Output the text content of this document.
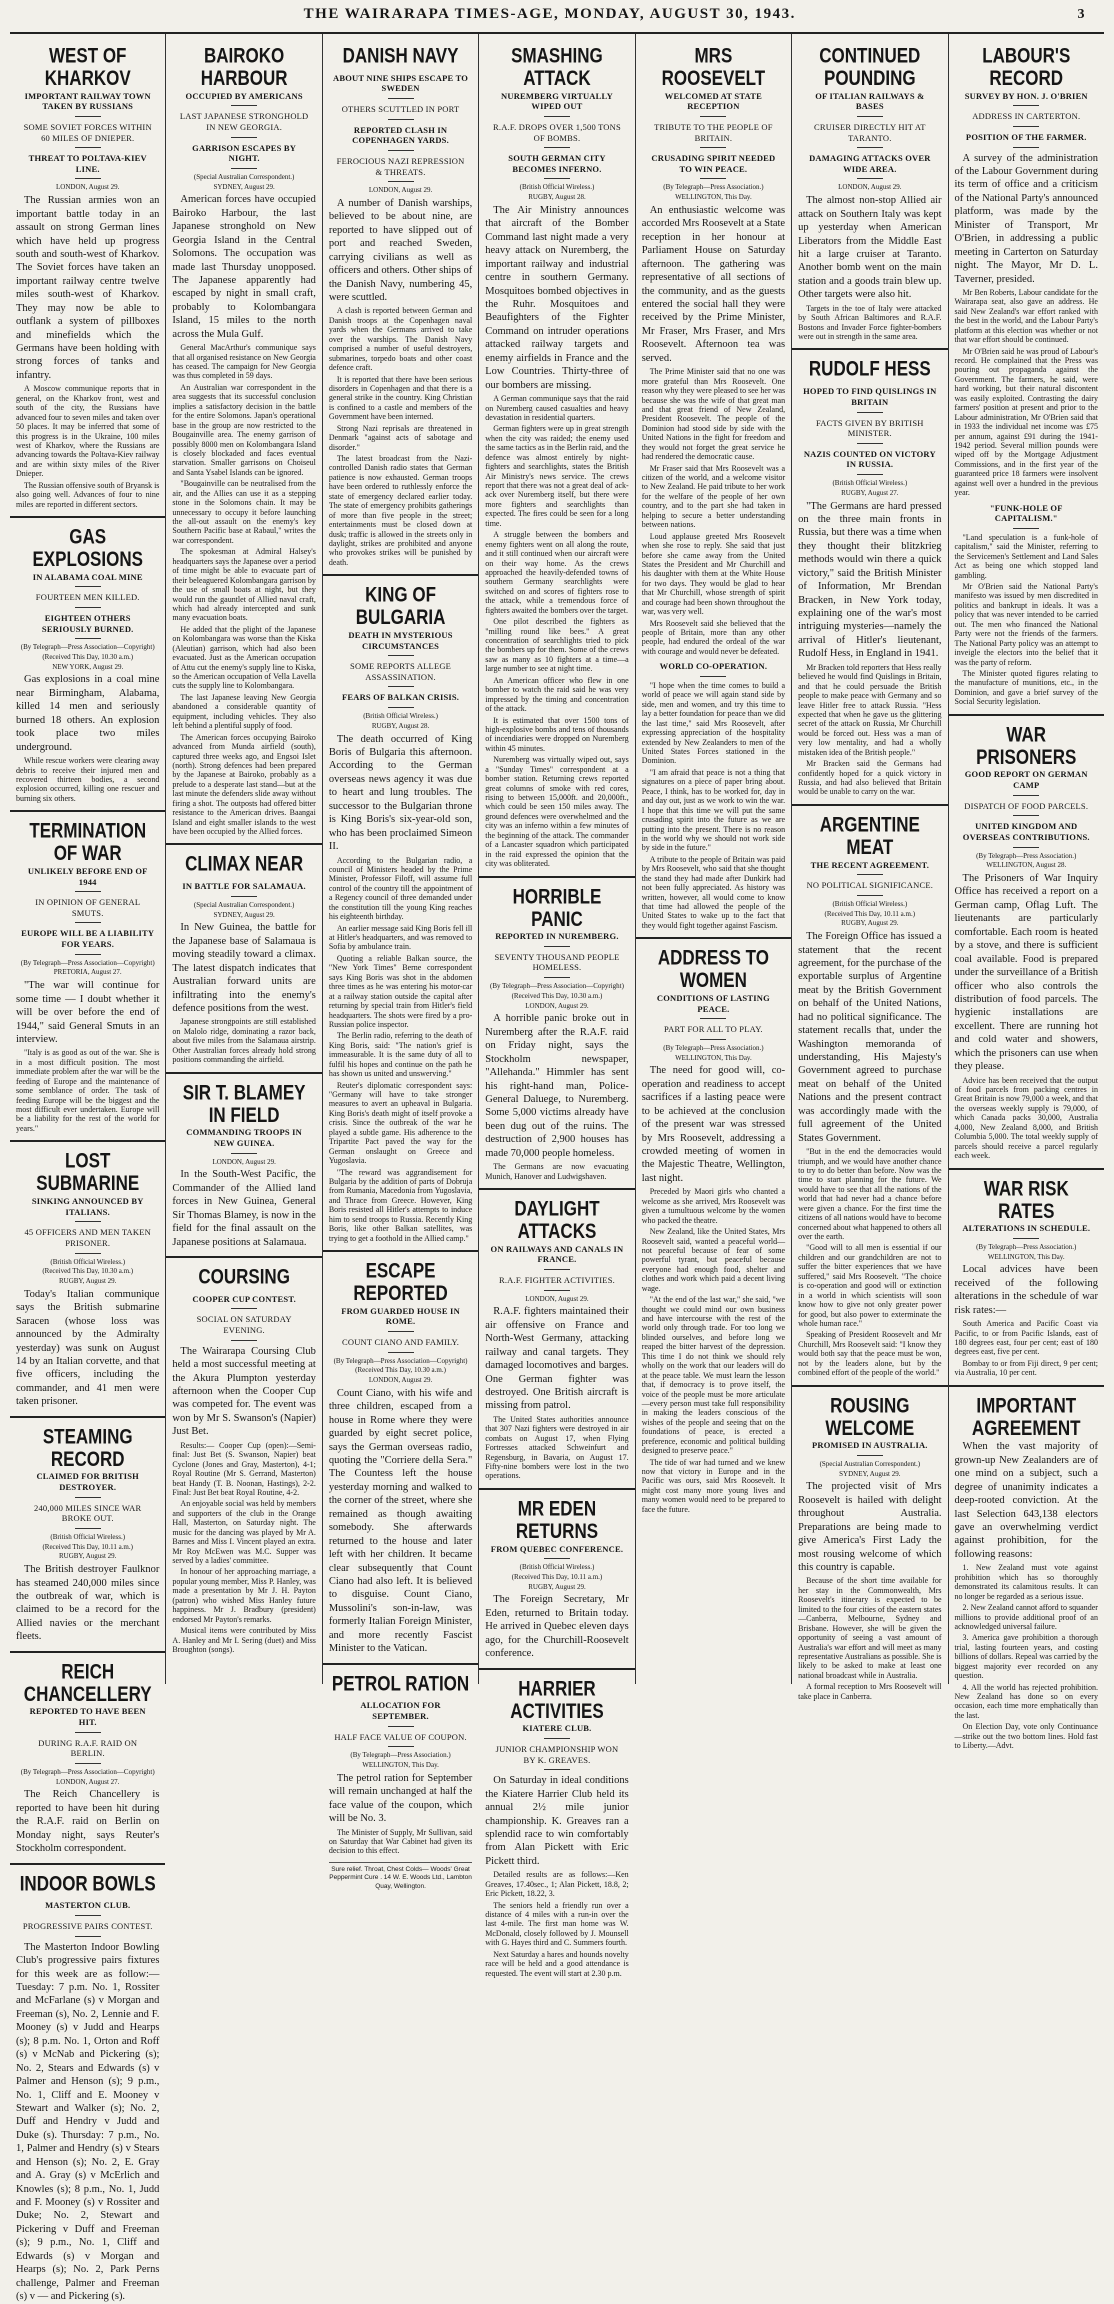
THE WAIRARAPA TIMES-AGE, MONDAY, AUGUST 30, 1943.	3
WEST OF KHARKOV
IMPORTANT RAILWAY TOWN TAKEN BY RUSSIANS
SOME SOVIET FORCES WITHIN 60 MILES OF DNIEPER.
THREAT TO POLTAVA-KIEV LINE.
LONDON, August 29.

The Russian armies won an important battle today in an assault on strong German lines which have held up progress south and south-west of Kharkov. The Soviet forces have taken an important railway centre twelve miles south-west of Kharkov. They may now be able to outflank a system of pillboxes and minefields which the Germans have been holding with strong forces of tanks and infantry.

A Moscow communique reports that in general, on the Kharkov front, west and south of the city, the Russians have advanced four to seven miles and taken over 50 places. It may be inferred that some of this progress is in the Ukraine, 100 miles west of Kharkov, where the Russians are advancing towards the Poltava-Kiev railway and are within sixty miles of the River Dnieper.

The Russian offensive south of Bryansk is also going well. Advances of four to nine miles are reported in different sectors.

GAS EXPLOSIONS
IN ALABAMA COAL MINE
FOURTEEN MEN KILLED.
EIGHTEEN OTHERS SERIOUSLY BURNED.
(By Telegraph—Press Association—Copyright)
(Received This Day, 10.30 a.m.)
NEW YORK, August 29.

Gas explosions in a coal mine near Birmingham, Alabama, killed 14 men and seriously burned 18 others. An explosion took place two miles underground.

While rescue workers were clearing away debris to receive their injured men and recovered thirteen bodies, a second explosion occurred, killing one rescuer and burning six others.

TERMINATION OF WAR
UNLIKELY BEFORE END OF 1944
IN OPINION OF GENERAL SMUTS.
EUROPE WILL BE A LIABILITY FOR YEARS.
(By Telegraph—Press Association—Copyright)
PRETORIA, August 27.

"The war will continue for some time — I doubt whether it will be over before the end of 1944," said General Smuts in an interview.

"Italy is as good as out of the war. She is in a most difficult position. The most immediate problem after the war will be the feeding of Europe and the maintenance of some semblance of order. The task of feeding Europe will be the biggest and the most difficult ever undertaken. Europe will be a liability for the rest of the world for years."

LOST SUBMARINE
SINKING ANNOUNCED BY ITALIANS.
45 OFFICERS AND MEN TAKEN PRISONER.
(British Official Wireless.)
(Received This Day, 10.30 a.m.)
RUGBY, August 29.

Today's Italian communique says the British submarine Saracen (whose loss was announced by the Admiralty yesterday) was sunk on August 14 by an Italian corvette, and that five officers, including the commander, and 41 men were taken prisoner.

STEAMING RECORD
CLAIMED FOR BRITISH DESTROYER.
240,000 MILES SINCE WAR BROKE OUT.
(British Official Wireless.)
(Received This Day, 10.11 a.m.)
RUGBY, August 29.

The British destroyer Faulknor has steamed 240,000 miles since the outbreak of war, which is claimed to be a record for the Allied navies or the merchant fleets.

REICH CHANCELLERY
REPORTED TO HAVE BEEN HIT.
DURING R.A.F. RAID ON BERLIN.
(By Telegraph—Press Association—Copyright)
LONDON, August 27.

The Reich Chancellery is reported to have been hit during the R.A.F. raid on Berlin on Monday night, says Reuter's Stockholm correspondent.

INDOOR BOWLS
MASTERTON CLUB.
PROGRESSIVE PAIRS CONTEST.

The Masterton Indoor Bowling Club's progressive pairs fixtures for this week are as follow:—Tuesday: 7 p.m. No. 1, Rossiter and McFarlane (s) v Morgan and Freeman (s), No. 2, Lennie and F. Mooney (s) v Judd and Hearps (s); 8 p.m. No. 1, Orton and Roff (s) v McNab and Pickering (s); No. 2, Stears and Edwards (s) v Palmer and Henson (s); 9 p.m., No. 1, Cliff and E. Mooney v Stewart and Walker (s); No. 2, Duff and Hendry v Judd and Duke (s). Thursday: 7 p.m., No. 1, Palmer and Hendry (s) v Stears and Henson (s); No. 2, E. Gray and A. Gray (s) v McErlich and Knowles (s); 8 p.m., No. 1, Judd and F. Mooney (s) v Rossiter and Duke; No. 2, Stewart and Pickering v Duff and Freeman (s); 9 p.m., No. 1, Cliff and Edwards (s) v Morgan and Hearps (s); No. 2, Park Perns challenge, Palmer and Freeman (s) v — and Pickering (s).

BAIROKO HARBOUR
OCCUPIED BY AMERICANS
LAST JAPANESE STRONGHOLD IN NEW GEORGIA.
GARRISON ESCAPES BY NIGHT.
(Special Australian Correspondent.)
SYDNEY, August 29.

American forces have occupied Bairoko Harbour, the last Japanese stronghold on New Georgia Island in the Central Solomons. The occupation was made last Thursday unopposed. The Japanese apparently had escaped by night in small craft, probably to Kolombangara Island, 15 miles to the north across the Mula Gulf.

General MacArthur's communique says that all organised resistance on New Georgia has ceased. The campaign for New Georgia was thus completed in 59 days.

An Australian war correspondent in the area suggests that its successful conclusion implies a satisfactory decision in the battle for the entire Solomons. Japan's operational base in the group are now restricted to the Bougainville area. The enemy garrison of possibly 8000 men on Kolombangara Island is closely blockaded and faces eventual starvation. Smaller garrisons on Choiseul and Santa Ysabel Islands can be ignored.

"Bougainville can be neutralised from the air, and the Allies can use it as a stepping stone in the Solomons chain. It may be unnecessary to occupy it before launching the all-out assault on the enemy's key Southern Pacific base at Rabaul," writes the war correspondent.

The spokesman at Admiral Halsey's headquarters says the Japanese over a period of time might be able to evacuate part of their beleaguered Kolombangara garrison by the use of small boats at night, but they would run the gauntlet of Allied naval craft, which had already intercepted and sunk many evacuation boats.

He added that the plight of the Japanese on Kolombangara was worse than the Kiska (Aleutian) garrison, which had also been evacuated. Just as the American occupation of Attu cut the enemy's supply line to Kiska, so the American occupation of Vella Lavella cuts the supply line to Kolombangara.

The last Japanese leaving New Georgia abandoned a considerable quantity of equipment, including vehicles. They also left behind a plentiful supply of food.

The American forces occupying Bairoko advanced from Munda airfield (south), captured three weeks ago, and Engsoi Islet (north). Strong defences had been prepared by the Japanese at Bairoko, probably as a prelude to a desperate last stand—but at the last minute the defenders slide away without firing a shot. The outposts had offered bitter resistance to the American drives. Baangai Island and eight smaller islands to the west have been occupied by the Allied forces.

CLIMAX NEAR
IN BATTLE FOR SALAMAUA.
(Special Australian Correspondent.)
SYDNEY, August 29.

In New Guinea, the battle for the Japanese base of Salamaua is moving steadily toward a climax. The latest dispatch indicates that Australian forward units are infiltrating into the enemy's defence positions from the west.

Japanese strongpoints are still established on Malolo ridge, dominating a razor back, about five miles from the Salamaua airstrip. Other Australian forces already hold strong positions commanding the airfield.

SIR T. BLAMEY IN FIELD
COMMANDING TROOPS IN NEW GUINEA.
LONDON, August 29.

In the South-West Pacific, the Commander of the Allied land forces in New Guinea, General Sir Thomas Blamey, is now in the field for the final assault on the Japanese positions at Salamaua.

COURSING
COOPER CUP CONTEST.
SOCIAL ON SATURDAY EVENING.

The Wairarapa Coursing Club held a most successful meeting at the Akura Plumpton yesterday afternoon when the Cooper Cup was competed for. The event was won by Mr S. Swanson's (Napier) Just Bet.

Results:— Cooper Cup (open):—Semi-final: Just Bet (S. Swanson, Napier) beat Cyclone (Jones and Gray, Masterton), 4-1; Royal Routine (Mr S. Gerrand, Masterton) beat Handy (T. B. Noonan, Hastings), 2-2. Final: Just Bet beat Royal Routine, 4-2.

An enjoyable social was held by members and supporters of the club in the Orange Hall, Masterton, on Saturday night. The music for the dancing was played by Mr A. Barnes and Miss I. Vincent played an extra. Mr Roy McEwen was M.C. Supper was served by a ladies' committee.

In honour of her approaching marriage, a popular young member, Miss P. Hanley, was made a presentation by Mr J. H. Payton (patron) who wished Miss Hanley future happiness. Mr J. Bradbury (president) endorsed Mr Payton's remarks.

Musical items were contributed by Miss A. Hanley and Mr I. Sering (duet) and Miss Broughton (songs).

DANISH NAVY
ABOUT NINE SHIPS ESCAPE TO SWEDEN
OTHERS SCUTTLED IN PORT
REPORTED CLASH IN COPENHAGEN YARDS.
FEROCIOUS NAZI REPRESSION & THREATS.
LONDON, August 29.

A number of Danish warships, believed to be about nine, are reported to have slipped out of port and reached Sweden, carrying civilians as well as officers and others. Other ships of the Danish Navy, numbering 45, were scuttled.

A clash is reported between German and Danish troops at the Copenhagen naval yards when the Germans arrived to take over the warships. The Danish Navy comprised a number of useful destroyers, submarines, torpedo boats and other coast defence craft.

It is reported that there have been serious disorders in Copenhagen and that there is a general strike in the country. King Christian is confined to a castle and members of the Government have been interned.

Strong Nazi reprisals are threatened in Denmark "against acts of sabotage and disorder."

The latest broadcast from the Nazi-controlled Danish radio states that German patience is now exhausted. German troops have been ordered to ruthlessly enforce the state of emergency declared earlier today. The state of emergency prohibits gatherings of more than five people in the street; entertainments must be closed down at dusk; traffic is allowed in the streets only in daylight, strikes are prohibited and anyone who provokes strikes will be punished by death.

KING OF BULGARIA
DEATH IN MYSTERIOUS CIRCUMSTANCES
SOME REPORTS ALLEGE ASSASSINATION.
FEARS OF BALKAN CRISIS.
(British Official Wireless.)
RUGBY, August 28.

The death occurred of King Boris of Bulgaria this afternoon. According to the German overseas news agency it was due to heart and lung troubles. The successor to the Bulgarian throne is King Boris's six-year-old son, who has been proclaimed Simeon II.

According to the Bulgarian radio, a council of Ministers headed by the Prime Minister, Professor Filoff, will assume full control of the country till the appointment of a Regency council of three demanded under the constitution till the young King reaches his eighteenth birthday.

An earlier message said King Boris fell ill at Hitler's headquarters, and was removed to Sofia by ambulance train.

Quoting a reliable Balkan source, the "New York Times" Berne correspondent says King Boris was shot in the abdomen three times as he was entering his motor-car at a railway station outside the capital after returning by special train from Hitler's field headquarters. The shots were fired by a pro-Russian police inspector.

The Berlin radio, referring to the death of King Boris, said: "The nation's grief is immeasurable. It is the same duty of all to fulfil his hopes and continue on the path he has shown us united and unswerving."

Reuter's diplomatic correspondent says: "Germany will have to take stronger measures to avert an upheaval in Bulgaria. King Boris's death might of itself provoke a crisis. Since the outbreak of the war he played a subtle game. His adherence to the Tripartite Pact paved the way for the German onslaught on Greece and Yugoslavia.

"The reward was aggrandisement for Bulgaria by the addition of parts of Dobruja from Rumania, Macedonia from Yugoslavia, and Thrace from Greece. However, King Boris resisted all Hitler's attempts to induce him to send troops to Russia. Recently King Boris, like other Balkan satellites, was trying to get a foothold in the Allied camp."

ESCAPE REPORTED
FROM GUARDED HOUSE IN ROME.
COUNT CIANO AND FAMILY.
(By Telegraph—Press Association—Copyright)
(Received This Day, 10.30 a.m.)
LONDON, August 29.

Count Ciano, with his wife and three children, escaped from a house in Rome where they were guarded by eight secret police, says the German overseas radio, quoting the "Corriere della Sera." The Countess left the house yesterday morning and walked to the corner of the street, where she remained as though awaiting somebody. She afterwards returned to the house and later left with her children. It became clear subsequently that Count Ciano had also left. It is believed to disguise. Count Ciano, Mussolini's son-in-law, was formerly Italian Foreign Minister, and more recently Fascist Minister to the Vatican.

PETROL RATION
ALLOCATION FOR SEPTEMBER.
HALF FACE VALUE OF COUPON.
(By Telegraph—Press Association.)
WELLINGTON, This Day.

The petrol ration for September will remain unchanged at half the face value of the coupon, which will be No. 3.

The Minister of Supply, Mr Sullivan, said on Saturday that War Cabinet had given its decision to this effect.

Sure relief. Throat, Chest Colds— Woods' Great Peppermint Cure . 14 W. E. Woods Ltd., Lambton Quay, Wellington.
SMASHING ATTACK
NUREMBERG VIRTUALLY WIPED OUT
R.A.F. DROPS OVER 1,500 TONS OF BOMBS.
SOUTH GERMAN CITY BECOMES INFERNO.
(British Official Wireless.)
RUGBY, August 28.

The Air Ministry announces that aircraft of the Bomber Command last night made a very heavy attack on Nuremberg, the important railway and industrial centre in southern Germany. Mosquitoes bombed objectives in the Ruhr. Mosquitoes and Beaufighters of the Fighter Command on intruder operations attacked railway targets and enemy airfields in France and the Low Countries. Thirty-three of our bombers are missing.

A German communique says that the raid on Nuremberg caused casualties and heavy devastation in residential quarters.

German fighters were up in great strength when the city was raided; the enemy used the same tactics as in the Berlin raid, and the defence was almost entirely by night-fighters and searchlights, states the British Air Ministry's news service. The crews report that there was not a great deal of ack-ack over Nuremberg itself, but there were more fighters and searchlights than expected. The fires could be seen for a long time.

A struggle between the bombers and enemy fighters went on all along the route, and it still continued when our aircraft were on their way home. As the crews approached the heavily-defended towns of southern Germany searchlights were switched on and scores of fighters rose to the attack, while a tremendous force of fighters awaited the bombers over the target.

One pilot described the fighters as "milling round like bees." A great concentration of searchlights tried to pick the bombers up for them. Some of the crews saw as many as 10 fighters at a time—a large number to see at night time.

An American officer who flew in one bomber to watch the raid said he was very impressed by the timing and concentration of the attack.

It is estimated that over 1500 tons of high-explosive bombs and tens of thousands of incendiaries were dropped on Nuremberg within 45 minutes.

Nuremberg was virtually wiped out, says a "Sunday Times" correspondent at a bomber station. Returning crews reported great columns of smoke with red cores, rising to between 15,000ft. and 20,000ft., which could be seen 150 miles away. The ground defences were overwhelmed and the city was an inferno within a few minutes of the beginning of the attack. The commander of a Lancaster squadron which participated in the raid expressed the opinion that the city was obliterated.

HORRIBLE PANIC
REPORTED IN NUREMBERG.
SEVENTY THOUSAND PEOPLE HOMELESS.
(By Telegraph—Press Association—Copyright)
(Received This Day, 10.30 a.m.)
LONDON, August 29.

A horrible panic broke out in Nuremberg after the R.A.F. raid on Friday night, says the Stockholm newspaper, "Allehanda." Himmler has sent his right-hand man, Police-General Daluege, to Nuremberg. Some 5,000 victims already have been dug out of the ruins. The destruction of 2,900 houses has made 70,000 people homeless.

The Germans are now evacuating Munich, Hanover and Ludwigshaven.

DAYLIGHT ATTACKS
ON RAILWAYS AND CANALS IN FRANCE.
R.A.F. FIGHTER ACTIVITIES.
LONDON, August 29.

R.A.F. fighters maintained their air offensive on France and North-West Germany, attacking railway and canal targets. They damaged locomotives and barges. One German fighter was destroyed. One British aircraft is missing from patrol.

The United States authorities announce that 307 Nazi fighters were destroyed in air combats on August 17, when Flying Fortresses attacked Schweinfurt and Regensburg, in Bavaria, on August 17. Fifty-nine bombers were lost in the two operations.

MR EDEN RETURNS
FROM QUEBEC CONFERENCE.
(British Official Wireless.)
(Received This Day, 10.11 a.m.)
RUGBY, August 29.

The Foreign Secretary, Mr Eden, returned to Britain today. He arrived in Quebec eleven days ago, for the Churchill-Roosevelt conference.

HARRIER ACTIVITIES
KIATERE CLUB.
JUNIOR CHAMPIONSHIP WON BY K. GREAVES.

On Saturday in ideal conditions the Kiatere Harrier Club held its annual 2½ mile junior championship. K. Greaves ran a splendid race to win comfortably from Alan Pickett with Eric Pickett third.

Detailed results are as follows:—Ken Greaves, 17.40sec., 1; Alan Pickett, 18.8, 2; Eric Pickett, 18.22, 3.

The seniors held a friendly run over a distance of 4 miles with a run-in over the last 4-mile. The first man home was W. McDonald, closely followed by J. Mounsell with G. Hayes third and C. Summers fourth.

Next Saturday a hares and hounds novelty race will be held and a good attendance is requested. The event will start at 2.30 p.m.

MRS ROOSEVELT
WELCOMED AT STATE RECEPTION
TRIBUTE TO THE PEOPLE OF BRITAIN.
CRUSADING SPIRIT NEEDED TO WIN PEACE.
(By Telegraph—Press Association.)
WELLINGTON, This Day.

An enthusiastic welcome was accorded Mrs Roosevelt at a State reception in her honour at Parliament House on Saturday afternoon. The gathering was representative of all sections of the community, and as the guests entered the social hall they were received by the Prime Minister, Mr Fraser, Mrs Fraser, and Mrs Roosevelt. Afternoon tea was served.

The Prime Minister said that no one was more grateful than Mrs Roosevelt. One reason why they were pleased to see her was because she was the wife of that great man and that great friend of New Zealand, President Roosevelt. The people of the Dominion had stood side by side with the United Nations in the fight for freedom and they would not forget the great service he had rendered the democratic cause.

Mr Fraser said that Mrs Roosevelt was a citizen of the world, and a welcome visitor to New Zealand. He paid tribute to her work for the welfare of the people of her own country, and to the part she had taken in helping to secure a better understanding between nations.

Loud applause greeted Mrs Roosevelt when she rose to reply. She said that just before she came away from the United States the President and Mr Churchill and his daughter with them at the White House for two days. They would be glad to hear that Mr Churchill, whose strength of spirit and courage had been shown throughout the war, was very well.

Mrs Roosevelt said she believed that the people of Britain, more than any other people, had endured the ordeal of the war with courage and would never be defeated.

WORLD CO-OPERATION.

"I hope when the time comes to build a world of peace we will again stand side by side, men and women, and try this time to lay a better foundation for peace than we did the last time," said Mrs Roosevelt, after expressing appreciation of the hospitality extended by New Zealanders to men of the United States Forces stationed in the Dominion.

"I am afraid that peace is not a thing that signatures on a piece of paper bring about. Peace, I think, has to be worked for, day in and day out, just as we work to win the war. I hope that this time we will put the same crusading spirit into the future as we are putting into the present. There is no reason in the world why we should not work side by side in the future."

A tribute to the people of Britain was paid by Mrs Roosevelt, who said that she thought the stand they had made after Dunkirk had not been fully appreciated. As history was written, however, all would come to know that time had allowed the people of the United States to wake up to the fact that they would fight together against Fascism.

ADDRESS TO WOMEN
CONDITIONS OF LASTING PEACE.
PART FOR ALL TO PLAY.
(By Telegraph—Press Association.)
WELLINGTON, This Day.

The need for good will, co-operation and readiness to accept sacrifices if a lasting peace were to be achieved at the conclusion of the present war was stressed by Mrs Roosevelt, addressing a crowded meeting of women in the Majestic Theatre, Wellington, last night.

Preceded by Maori girls who chanted a welcome as she arrived, Mrs Roosevelt was given a tumultuous welcome by the women who packed the theatre.

New Zealand, like the United States, Mrs Roosevelt said, wanted a peaceful world—not peaceful because of fear of some powerful tyrant, but peaceful because everyone had enough food, shelter and clothes and work which paid a decent living wage.

"At the end of the last war," she said, "we thought we could mind our own business and have intercourse with the rest of the world only through trade. For too long we blinded ourselves, and before long we reaped the bitter harvest of the depression. This time I do not think we should rely wholly on the work that our leaders will do at the peace table. We must learn the lesson that, if democracy is to prove itself, the voice of the people must be more articulate—every person must take full responsibility in making the leaders conscious of the wishes of the people and seeing that on the foundations of peace, is erected a preference, economic and political building designed to preserve peace."

The tide of war had turned and we knew now that victory in Europe and in the Pacific was ours, said Mrs Roosevelt. It might cost many more young lives and many women would need to be prepared to face the future.

CONTINUED POUNDING
OF ITALIAN RAILWAYS & BASES
CRUISER DIRECTLY HIT AT TARANTO.
DAMAGING ATTACKS OVER WIDE AREA.
LONDON, August 29.

The almost non-stop Allied air attack on Southern Italy was kept up yesterday when American Liberators from the Middle East hit a large cruiser at Taranto. Another bomb went on the main station and a goods train blew up. Other targets were also hit.

Targets in the toe of Italy were attacked by South African Baltimores and R.A.F. Bostons and Invader Force fighter-bombers were out in strength in the same area.

RUDOLF HESS
HOPED TO FIND QUISLINGS IN BRITAIN
FACTS GIVEN BY BRITISH MINISTER.
NAZIS COUNTED ON VICTORY IN RUSSIA.
(British Official Wireless.)
RUGBY, August 27.

"The Germans are hard pressed on the three main fronts in Russia, but there was a time when they thought their blitzkrieg methods would win there a quick victory," said the British Minister of Information, Mr Brendan Bracken, in New York today, explaining one of the war's most intriguing mysteries—namely the arrival of Hitler's lieutenant, Rudolf Hess, in England in 1941.

Mr Bracken told reporters that Hess really believed he would find Quislings in Britain, and that he could persuade the British people to make peace with Germany and so leave Hitler free to attack Russia. "Hess expected that when he gave us the glittering secret of the attack on Russia, Mr Churchill would be forced out. Hess was a man of very low mentality, and had a wholly mistaken idea of the British people."

Mr Bracken said the Germans had confidently hoped for a quick victory in Russia, and had also believed that Britain would be unable to carry on the war.

ARGENTINE MEAT
THE RECENT AGREEMENT.
NO POLITICAL SIGNIFICANCE.
(British Official Wireless.)
(Received This Day, 10.11 a.m.)
RUGBY, August 29.

The Foreign Office has issued a statement that the recent agreement, for the purchase of the exportable surplus of Argentine meat by the British Government on behalf of the United Nations, had no political significance. The statement recalls that, under the Washington memoranda of understanding, His Majesty's Government agreed to purchase meat on behalf of the United Nations and the present contract was accordingly made with the full agreement of the United States Government.

"But in the end the democracies would triumph, and we would have another chance to try to do better than before. Now was the time to start planning for the future. We would have to see that all the nations of the world that had never had a chance before were given a chance. For the first time the citizens of all nations would have to become concerned about what happened to others all over the earth.

"Good will to all men is essential if our children and our grandchildren are not to suffer the bitter experiences that we have suffered," said Mrs Roosevelt. "The choice is co-operation and good will or extinction in a world in which scientists will soon know how to give not only greater power for good, but also power to exterminate the whole human race."

Speaking of President Roosevelt and Mr Churchill, Mrs Roosevelt said: "I know they would both say that the peace must be won, not by the leaders alone, but by the combined effort of the people of the world."

ROUSING WELCOME
PROMISED IN AUSTRALIA.
(Special Australian Correspondent.)
SYDNEY, August 29.

The projected visit of Mrs Roosevelt is hailed with delight throughout Australia. Preparations are being made to give America's First Lady the most rousing welcome of which this country is capable.

Because of the short time available for her stay in the Commonwealth, Mrs Roosevelt's itinerary is expected to be limited to the four cities of the eastern states—Canberra, Melbourne, Sydney and Brisbane. However, she will be given the opportunity of seeing a vast amount of Australia's war effort and will meet as many representative Australians as possible. She is likely to be asked to make at least one national broadcast while in Australia.

A formal reception to Mrs Roosevelt will take place in Canberra.

LABOUR'S RECORD
SURVEY BY HON. J. O'BRIEN
ADDRESS IN CARTERTON.
POSITION OF THE FARMER.

A survey of the administration of the Labour Government during its term of office and a criticism of the National Party's announced platform, was made by the Minister of Transport, Mr O'Brien, in addressing a public meeting in Carterton on Saturday night. The Mayor, Mr D. L. Taverner, presided.

Mr Ben Roberts, Labour candidate for the Wairarapa seat, also gave an address. He said New Zealand's war effort ranked with the best in the world, and the Labour Party's platform at this election was whether or not that war effort should be continued.

Mr O'Brien said he was proud of Labour's record. He complained that the Press was pouring out propaganda against the Government. The farmers, he said, were hard working, but their natural discontent was easily exploited. Contrasting the dairy farmers' position at present and prior to the Labour administration, Mr O'Brien said that in 1933 the individual net income was £75 per annum, against £91 during the 1941-1942 period. Several million pounds were wiped off by the Mortgage Adjustment Commissions, and in the first year of the guaranteed price 18 farmers were insolvent against well over a hundred in the previous year.

"FUNK-HOLE OF CAPITALISM."

"Land speculation is a funk-hole of capitalism," said the Minister, referring to the Servicemen's Settlement and Land Sales Act as being one which stopped land gambling.

Mr O'Brien said the National Party's manifesto was issued by men discredited in politics and bankrupt in ideals. It was a policy that was never intended to be carried out. The men who financed the National Party were not the friends of the farmers. The National Party policy was an attempt to inveigle the electors into the belief that it was the party of reform.

The Minister quoted figures relating to the manufacture of munitions, etc., in the Dominion, and gave a brief survey of the Social Security legislation.

WAR PRISONERS
GOOD REPORT ON GERMAN CAMP
DISPATCH OF FOOD PARCELS.
UNITED KINGDOM AND OVERSEAS CONTRIBUTIONS.
(By Telegraph—Press Association.)
WELLINGTON, August 28.

The Prisoners of War Inquiry Office has received a report on a German camp, Oflag Luft. The lieutenants are particularly comfortable. Each room is heated by a stove, and there is sufficient coal available. Food is prepared under the surveillance of a British officer who also controls the distribution of food parcels. The hygienic installations are excellent. There are running hot and cold water and showers, which the prisoners can use when they please.

Advice has been received that the output of food parcels from packing centres in Great Britain is now 79,000 a week, and that the overseas weekly supply is 79,000, of which Canada packs 30,000, Australia 4,000, New Zealand 8,000, and British Columbia 5,000. The total weekly supply of parcels should receive a parcel regularly each week.

WAR RISK RATES
ALTERATIONS IN SCHEDULE.
(By Telegraph—Press Association.)
WELLINGTON, This Day.

Local advices have been received of the following alterations in the schedule of war risk rates:—

South America and Pacific Coast via Pacific, to or from Pacific Islands, east of 180 degrees east, four per cent; east of 180 degrees east, five per cent.

Bombay to or from Fiji direct, 9 per cent; via Australia, 10 per cent.

IMPORTANT AGREEMENT

When the vast majority of grown-up New Zealanders are of one mind on a subject, such a degree of unanimity indicates a deep-rooted conviction. At the last Selection 643,138 electors gave an overwhelming verdict against prohibition, for the following reasons:

1. New Zealand must vote against prohibition which has so thoroughly demonstrated its calamitous results. It can no longer be regarded as a serious issue.

2. New Zealand cannot afford to squander millions to provide additional proof of an acknowledged universal failure.

3. America gave prohibition a thorough trial, lasting fourteen years, and costing billions of dollars. Repeal was carried by the biggest majority ever recorded on any question.

4. All the world has rejected prohibition. New Zealand has done so on every occasion, each time more emphatically than the last.

On Election Day, vote only Continuance—strike out the two bottom lines. Hold fast to Liberty.—Advt.
